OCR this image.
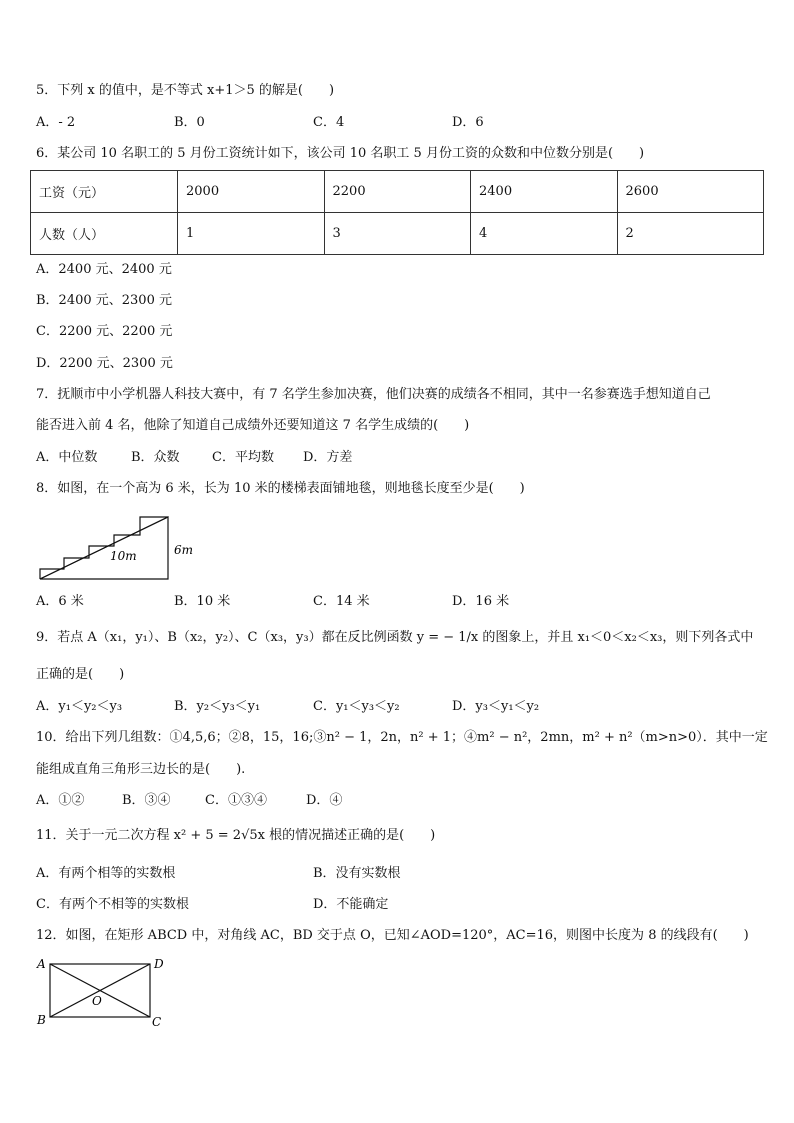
5．下列 x 的值中，是不等式 x+1＞5 的解是(　　)
A．- 2	B．0	C．4	D．6
6．某公司 10 名职工的 5 月份工资统计如下，该公司 10 名职工 5 月份工资的众数和中位数分别是(　　)
工资（元）	2000	2200	2400	2600
人数（人）	1	3	4	2
A．2400 元、2400 元
B．2400 元、2300 元
C．2200 元、2200 元
D．2200 元、2300 元
7．抚顺市中小学机器人科技大赛中，有 7 名学生参加决赛，他们决赛的成绩各不相同，其中一名参赛选手想知道自己
能否进入前 4 名，他除了知道自己成绩外还要知道这 7 名学生成绩的(　　)
A．中位数	B．众数 C．平均数 D．方差
8．如图，在一个高为 6 米，长为 10 米的楼梯表面铺地毯，则地毯长度至少是(　　)
10m	6m
A．6 米	B．10 米	C．14 米	D．16 米
9．若点 A（x₁，y₁）、B（x₂，y₂）、C（x₃，y₃）都在反比例函数 y = − 1/x 的图象上，并且 x₁＜0＜x₂＜x₃，则下列各式中
正确的是(　　)
A．y₁＜y₂＜y₃	B．y₂＜y₃＜y₁	C．y₁＜y₃＜y₂	D．y₃＜y₁＜y₂
10．给出下列几组数：①4,5,6；②8，15，16;③n² − 1，2n，n² + 1；④m² − n²，2mn，m² + n²（m>n>0）．其中一定
能组成直角三角形三边长的是(　　).
A．①②	B．③④	C．①③④	D．④
11．关于一元二次方程 x² + 5 = 2√5x 根的情况描述正确的是(　　)
A．有两个相等的实数根	B．没有实数根
C．有两个不相等的实数根	D．不能确定
12．如图，在矩形 ABCD 中，对角线 AC，BD 交于点 O，已知∠AOD=120°，AC=16，则图中长度为 8 的线段有(　　)
A	D
B	C
O
